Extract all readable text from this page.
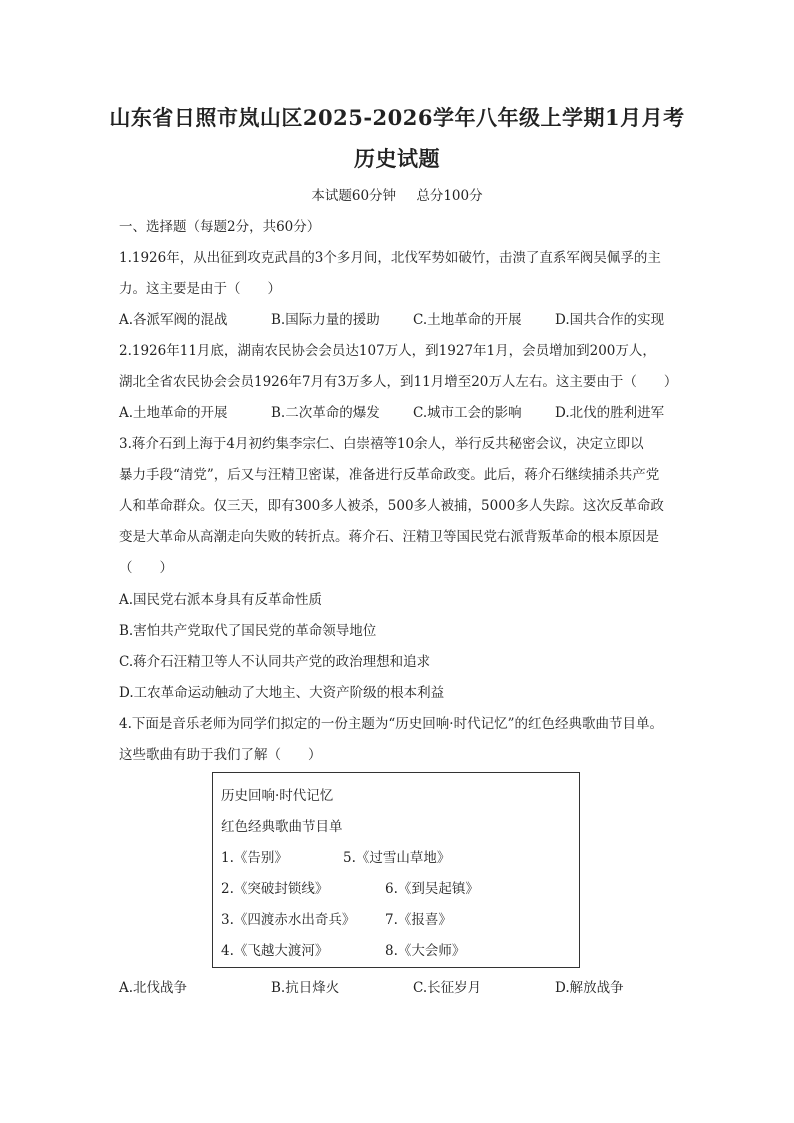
山东省日照市岚山区2025-2026学年八年级上学期1月月考
历史试题
本试题60分钟 总分100分
一、选择题（每题2分，共60分）
1.1926年，从出征到攻克武昌的3个多月间，北伐军势如破竹，击溃了直系军阀吴佩孚的主
力。这主要是由于（　　）
A.各派军阀的混战	B.国际力量的援助 C.土地革命的开展 D.国共合作的实现
2.1926年11月底，湖南农民协会会员达107万人，到1927年1月，会员增加到200万人，
湖北全省农民协会会员1926年7月有3万多人，到11月增至20万人左右。这主要由于（　　）
A.土地革命的开展	B.二次革命的爆发 C.城市工会的影响 D.北伐的胜利进军
3.蒋介石到上海于4月初约集李宗仁、白崇禧等10余人，举行反共秘密会议，决定立即以
暴力手段“清党”，后又与汪精卫密谋，准备进行反革命政变。此后，蒋介石继续捕杀共产党
人和革命群众。仅三天，即有300多人被杀，500多人被捕，5000多人失踪。这次反革命政
变是大革命从高潮走向失败的转折点。蒋介石、汪精卫等国民党右派背叛革命的根本原因是
（　　）
A.国民党右派本身具有反革命性质
B.害怕共产党取代了国民党的革命领导地位
C.蒋介石汪精卫等人不认同共产党的政治理想和追求
D.工农革命运动触动了大地主、大资产阶级的根本利益
4.下面是音乐老师为同学们拟定的一份主题为“历史回响·时代记忆”的红色经典歌曲节目单。
这些歌曲有助于我们了解（　　）
历史回响·时代记忆
红色经典歌曲节目单
1.《告别》	5.《过雪山草地》
2.《突破封锁线》	6.《到吴起镇》
3.《四渡赤水出奇兵》 7.《报喜》
4.《飞越大渡河》	8.《大会师》
A.北伐战争	B.抗日烽火	C.长征岁月	D.解放战争
